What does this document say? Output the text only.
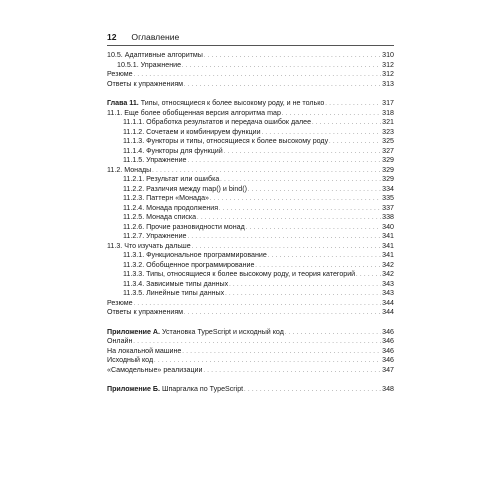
12 Оглавление
10.5. Адаптивные алгоритмы . . .	310
10.5.1. Упражнение . . .	312
Резюме . . .	312
Ответы к упражнениям . . .	313
Глава 11. Типы, относящиеся к более высокому роду, и не только . . .	317
11.1. Еще более обобщенная версия алгоритма map . . .	318
11.1.1. Обработка результатов и передача ошибок далее . . .	321
11.1.2. Сочетаем и комбинируем функции . . .	323
11.1.3. Функторы и типы, относящиеся к более высокому роду . . .	325
11.1.4. Функторы для функций . . .	327
11.1.5. Упражнение . . .	329
11.2. Монады . . .	329
11.2.1. Результат или ошибка . . .	329
11.2.2. Различия между map() и bind() . . .	334
11.2.3. Паттерн «Монада» . . .	335
11.2.4. Монада продолжения . . .	337
11.2.5. Монада списка . . .	338
11.2.6. Прочие разновидности монад . . .	340
11.2.7. Упражнение . . .	341
11.3. Что изучать дальше . . .	341
11.3.1. Функциональное программирование . . .	341
11.3.2. Обобщенное программирование . . .	342
11.3.3. Типы, относящиеся к более высокому роду, и теория категорий . . .	342
11.3.4. Зависимые типы данных . . .	343
11.3.5. Линейные типы данных . . .	343
Резюме . . .	344
Ответы к упражнениям . . .	344
Приложение А. Установка TypeScript и исходный код . . .	346
Онлайн . . .	346
На локальной машине . . .	346
Исходный код . . .	346
«Самодельные» реализации . . .	347
Приложение Б. Шпаргалка по TypeScript . . .	348
